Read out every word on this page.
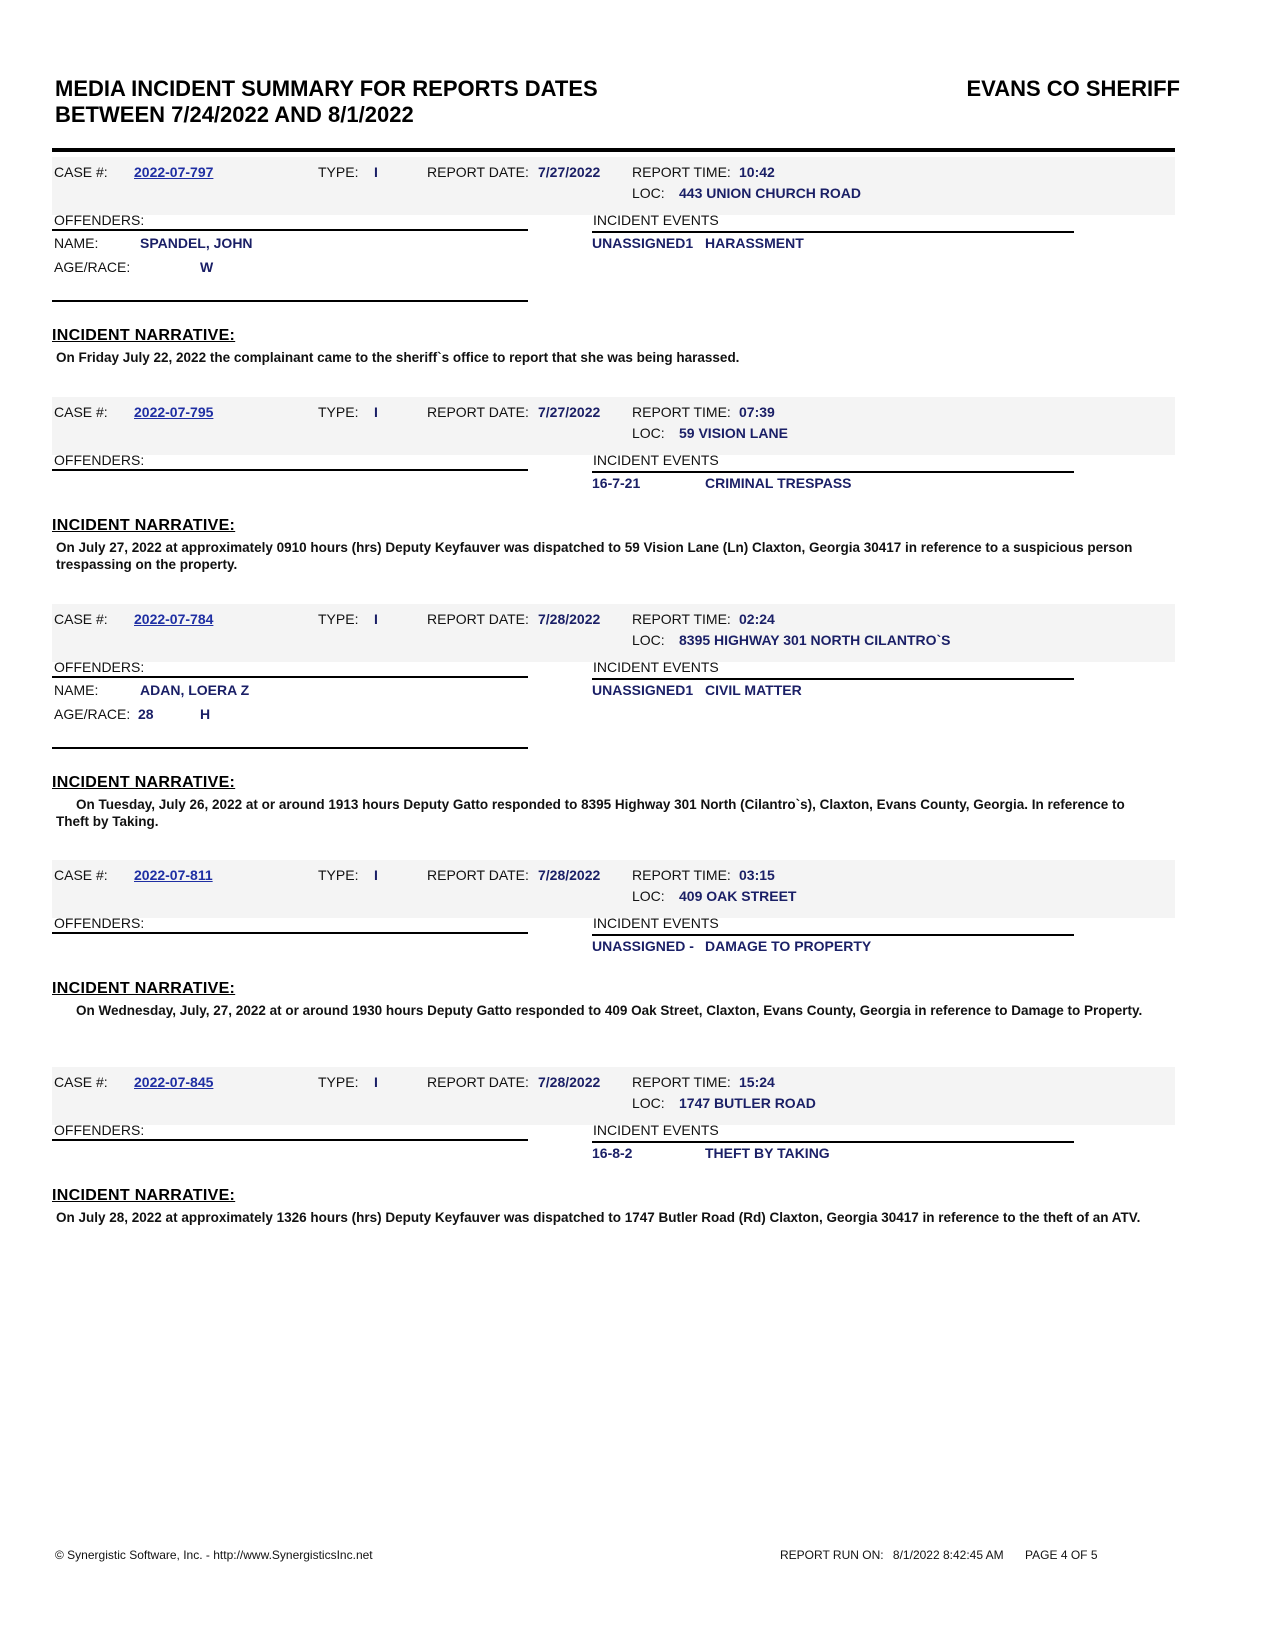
MEDIA INCIDENT SUMMARY FOR REPORTS DATES
BETWEEN 7/24/2022 AND 8/1/2022
EVANS CO SHERIFF
CASE #: 2022-07-797	TYPE: I	REPORT DATE: 7/27/2022 REPORT TIME: 10:42
LOC: 443 UNION CHURCH ROAD
OFFENDERS:	INCIDENT EVENTS
NAME:	SPANDEL, JOHN
AGE/RACE:	W
UNASSIGNED1 HARASSMENT
INCIDENT NARRATIVE:
On Friday July 22, 2022 the complainant came to the sheriff`s office to report that she was being harassed.
CASE #: 2022-07-795	TYPE: I	REPORT DATE: 7/27/2022 REPORT TIME: 07:39
LOC: 59 VISION LANE
OFFENDERS:	INCIDENT EVENTS
16-7-21	CRIMINAL TRESPASS
INCIDENT NARRATIVE:
On July 27, 2022 at approximately 0910 hours (hrs) Deputy Keyfauver was dispatched to 59 Vision Lane (Ln) Claxton, Georgia 30417 in reference to a suspicious person trespassing on the property.
CASE #: 2022-07-784	TYPE: I	REPORT DATE: 7/28/2022 REPORT TIME: 02:24
LOC: 8395 HIGHWAY 301 NORTH CILANTRO`S
OFFENDERS:	INCIDENT EVENTS
NAME:	ADAN, LOERA Z
AGE/RACE: 28	H
UNASSIGNED1 CIVIL MATTER
INCIDENT NARRATIVE:
On Tuesday, July 26, 2022 at or around 1913 hours Deputy Gatto responded to 8395 Highway 301 North (Cilantro`s), Claxton, Evans County, Georgia. In reference to Theft by Taking.
CASE #: 2022-07-811	TYPE: I	REPORT DATE: 7/28/2022 REPORT TIME: 03:15
LOC: 409 OAK STREET
OFFENDERS:	INCIDENT EVENTS
UNASSIGNED - DAMAGE TO PROPERTY
INCIDENT NARRATIVE:
On Wednesday, July, 27, 2022 at or around 1930 hours Deputy Gatto responded to 409 Oak Street, Claxton, Evans County, Georgia in reference to Damage to Property.
CASE #: 2022-07-845	TYPE: I	REPORT DATE: 7/28/2022 REPORT TIME: 15:24
LOC: 1747 BUTLER ROAD
OFFENDERS:	INCIDENT EVENTS
16-8-2	THEFT BY TAKING
INCIDENT NARRATIVE:
On July 28, 2022 at approximately 1326 hours (hrs) Deputy Keyfauver was dispatched to 1747 Butler Road (Rd) Claxton, Georgia 30417 in reference to the theft of an ATV.
© Synergistic Software, Inc. - http://www.SynergisticsInc.net	REPORT RUN ON: 8/1/2022 8:42:45 AM PAGE 4 OF 5
